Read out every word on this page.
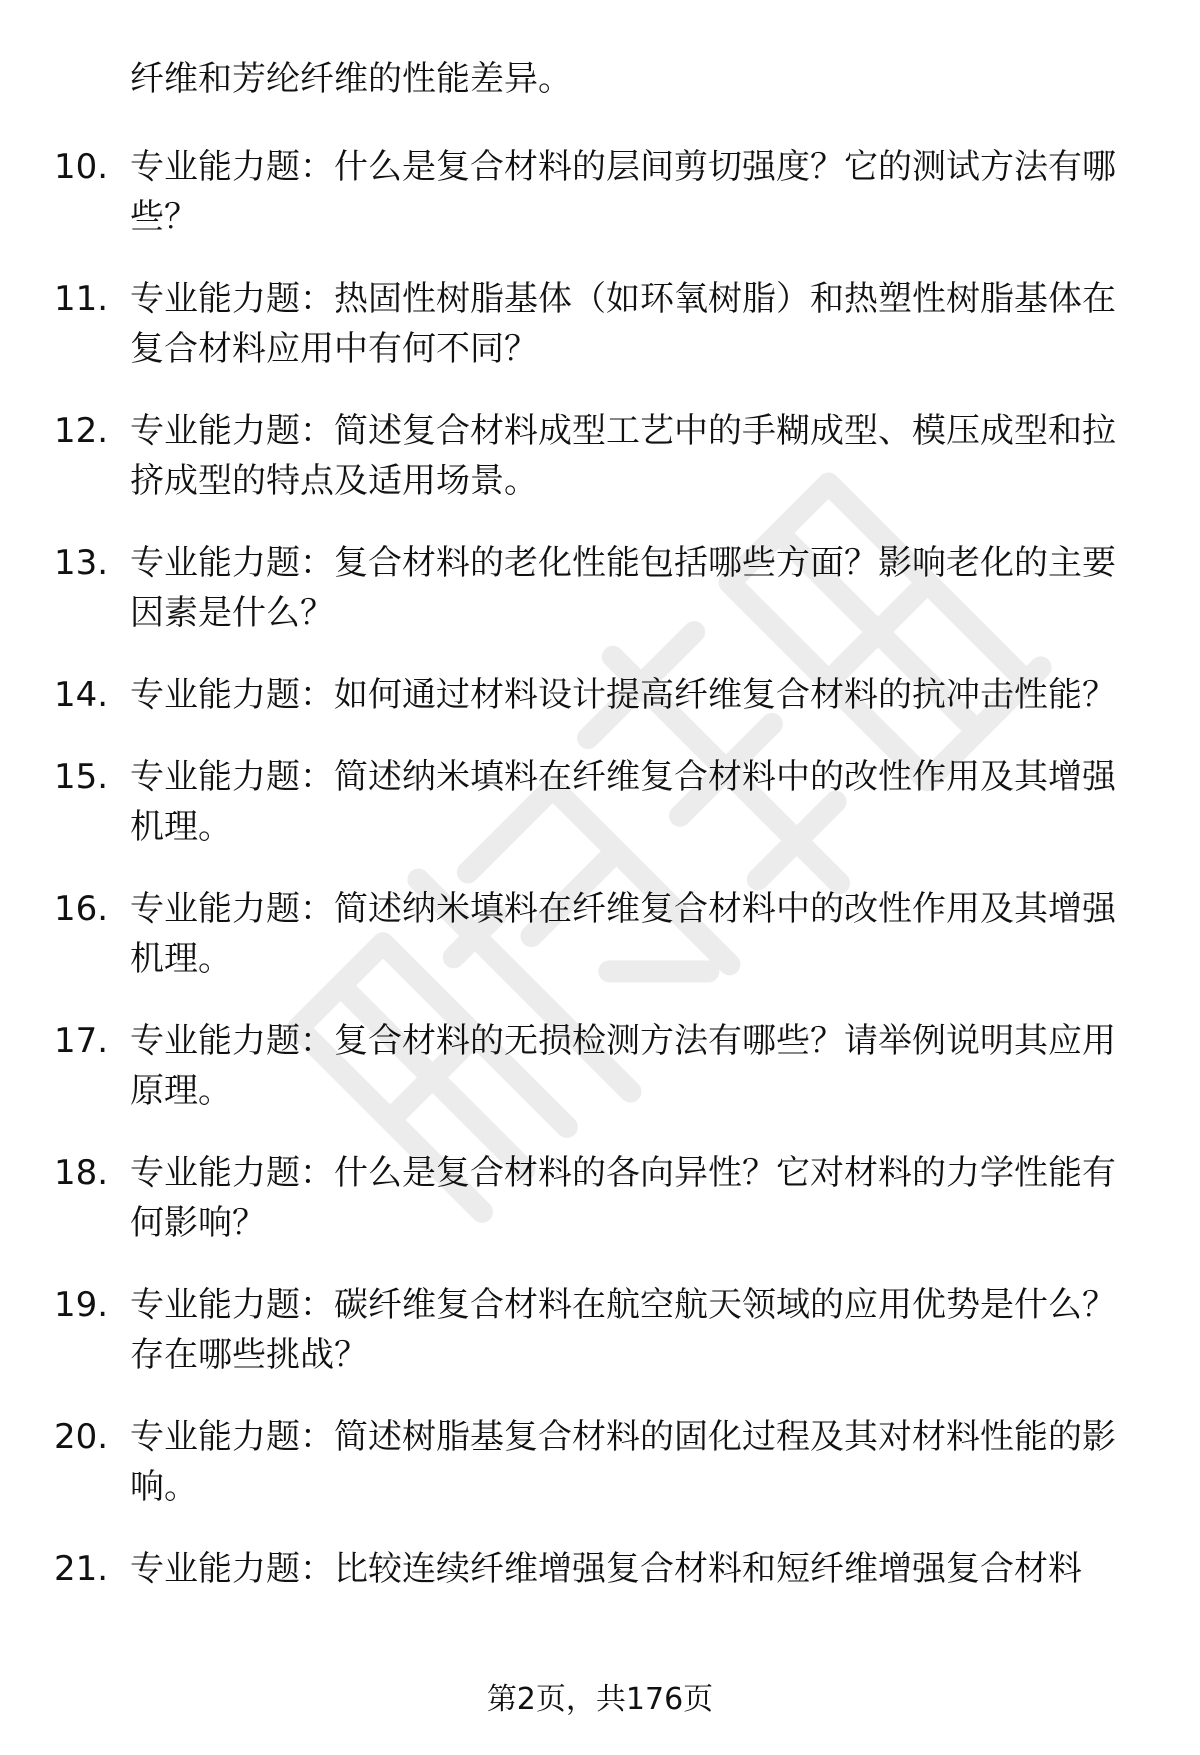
纤维和芳纶纤维的性能差异。
10. 专业能力题：什么是复合材料的层间剪切强度？它的测试方法有哪些？
11. 专业能力题：热固性树脂基体（如环氧树脂）和热塑性树脂基体在复合材料应用中有何不同？
12. 专业能力题：简述复合材料成型工艺中的手糊成型、模压成型和拉挤成型的特点及适用场景。
13. 专业能力题：复合材料的老化性能包括哪些方面？影响老化的主要因素是什么？
14. 专业能力题：如何通过材料设计提高纤维复合材料的抗冲击性能？
15. 专业能力题：简述纳米填料在纤维复合材料中的改性作用及其增强机理。
16. 专业能力题：简述纳米填料在纤维复合材料中的改性作用及其增强机理。
17. 专业能力题：复合材料的无损检测方法有哪些？请举例说明其应用原理。
18. 专业能力题：什么是复合材料的各向异性？它对材料的力学性能有何影响？
19. 专业能力题：碳纤维复合材料在航空航天领域的应用优势是什么？存在哪些挑战？
20. 专业能力题：简述树脂基复合材料的固化过程及其对材料性能的影响。
21. 专业能力题：比较连续纤维增强复合材料和短纤维增强复合材料
第2页，共176页
